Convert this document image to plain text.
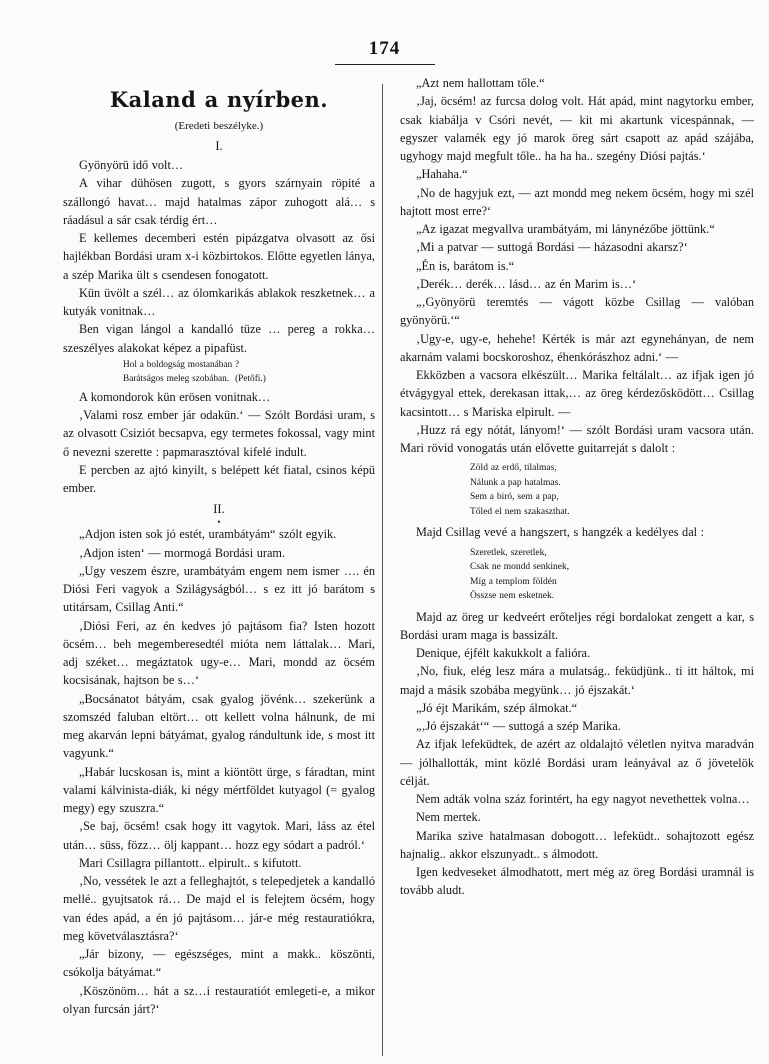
174
Kaland a nyírben.
(Eredeti beszélyke.)
I.

Gyönyörü idő volt…

A vihar dühösen zugott, s gyors szárnyain röpité a szállongó havat… majd hatalmas zápor zuhogott alá… s ráadásul a sár csak térdig ért…

E kellemes decemberi estén pipázgatva olvasott az ősi hajlékban Bordási uram x-i közbirtokos. Előtte egyetlen lánya, a szép Marika ült s csendesen fonogatott.

Kün üvölt a szél… az ólomkarikás ablakok reszketnek… a kutyák vonitnak…

Ben vigan lángol a kandalló tüze … pereg a rokka… szeszélyes alakokat képez a pipafüst.

Hol a boldogság mostanában ?
Barátságos meleg szobában. (Petőfi.)

A komondorok kün erösen vonitnak…

‚Valami rosz ember jár odakün.‘ — Szólt Bordási uram, s az olvasott Csiziót becsapva, egy termetes fokossal, vagy mint ő nevezni szerette : papmarasztóval kifelé indult.

E percben az ajtó kinyilt, s belépett két fiatal, csinos képü ember.

II.
•

„Adjon isten sok jó estét, urambátyám“ szólt egyik.

‚Adjon isten‘ — mormogá Bordási uram.

„Ugy veszem észre, urambátyám engem nem ismer …. én Diósi Feri vagyok a Szilágyságból… s ez itt jó barátom s utitársam, Csillag Anti.“

‚Diósi Feri, az én kedves jó pajtásom fia? Isten hozott öcsém… beh megemberesedtél mióta nem láttalak… Mari, adj széket… megáztatok ugy-e… Mari, mondd az öcsém kocsisának, hajtson be s…‘

„Bocsánatot bátyám, csak gyalog jövénk… szekerünk a szomszéd faluban eltört… ott kellett volna hálnunk, de mi meg akarván lepni bátyámat, gyalog rándultunk ide, s most itt vagyunk.“

„Habár lucskosan is, mint a kiöntött ürge, s fáradtan, mint valami kálvinista-diák, ki négy mértföldet kutyagol (= gyalog megy) egy szuszra.“

‚Se baj, öcsém! csak hogy itt vagytok. Mari, láss az étel után… süss, fözz… ölj kappant… hozz egy sódart a padról.‘

Mari Csillagra pillantott.. elpirult.. s kifutott.

‚No, vessétek le azt a felleghajtót, s telepedjetek a kandalló mellé.. gyujtsatok rá… De majd el is felejtem öcsém, hogy van édes apád, a én jó pajtásom… jár-e még restauratiókra, meg követválasztásra?‘

„Jár bizony, — egészséges, mint a makk.. köszönti, csókolja bátyámat.“

‚Köszönöm… hát a sz…i restauratiót emlegeti-e, a mikor olyan furcsán járt?‘

„Azt nem hallottam tőle.“

‚Jaj, öcsém! az furcsa dolog volt. Hát apád, mint nagytorku ember, csak kiabálja v Csóri nevét, — kit mi akartunk vicespánnak, — egyszer valamék egy jó marok öreg sárt csapott az apád szájába, ugyhogy majd megfult tőle.. ha ha ha.. szegény Diósi pajtás.‘

„Hahaha.“

‚No de hagyjuk ezt, — azt mondd meg nekem öcsém, hogy mi szél hajtott most erre?‘

„Az igazat megvallva urambátyám, mi lánynézőbe jöttünk.“

‚Mi a patvar — suttogá Bordási — házasodni akarsz?‘

„Én is, barátom is.“

‚Derék… derék… lásd… az én Marim is…‘

„‚Gyönyörü teremtés — vágott közbe Csillag — valóban gyönyörü.‘“

‚Ugy-e, ugy-e, hehehe! Kérték is már azt egynehányan, de nem akarnám valami bocskoroshoz, éhenkórászhoz adni.‘ —

Ekközben a vacsora elkészült… Marika feltálalt… az ifjak igen jó étvágygyal ettek, derekasan ittak,… az öreg kérdezősködött… Csillag kacsintott… s Mariska elpirult. —

‚Huzz rá egy nótát, lányom!‘ — szólt Bordási uram vacsora után. Mari rövid vonogatás után elővette guitarreját s dalolt :

Zöld az erdő, tilalmas,
Nálunk a pap hatalmas.
Sem a biró, sem a pap,
Tőled el nem szakaszthat.

Majd Csillag vevé a hangszert, s hangzék a kedélyes dal :

Szeretlek, szeretlek,
Csak ne mondd senkinek,
Míg a templom földén
Összse nem esketnek.

Majd az öreg ur kedveért erőteljes régi bordalokat zengett a kar, s Bordási uram maga is bassizált.

Denique, éjfélt kakukkolt a falióra.

‚No, fiuk, elég lesz mára a mulatság.. feküdjünk.. ti itt háltok, mi majd a másik szobába megyünk… jó éjszakát.‘

„Jó éjt Marikám, szép álmokat.“

„‚Jó éjszakát‘“ — suttogá a szép Marika.

Az ifjak lefeküdtek, de azért az oldalajtó véletlen nyitva maradván — jólhallották, mint közlé Bordási uram leányával az ő jövetelök célját.

Nem adták volna száz forintért, ha egy nagyot nevethettek volna…

Nem mertek.

Marika szive hatalmasan dobogott… lefeküdt.. sohajtozott egész hajnalig.. akkor elszunyadt.. s álmodott.

Igen kedveseket álmodhatott, mert még az öreg Bordási uramnál is tovább aludt.
